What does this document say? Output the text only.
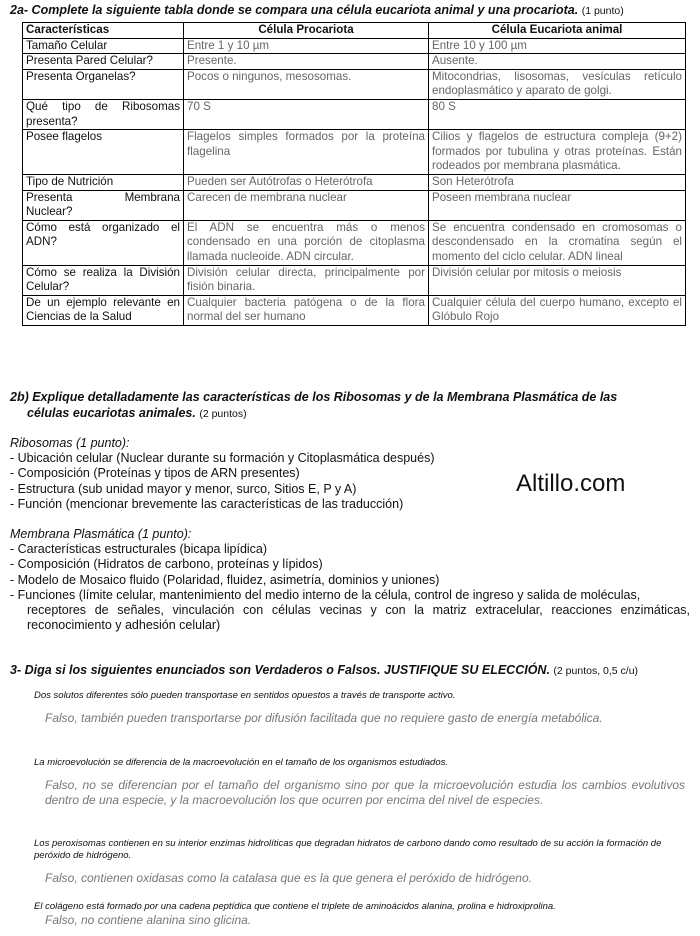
2a- Complete la siguiente tabla donde se compara una célula eucariota animal y una procariota. (1 punto)
Características	Célula Procariota	Célula Eucariota animal
Tamaño Celular	Entre 1 y 10 µm	Entre 10 y 100 µm
Presenta Pared Celular?	Presente.	Ausente.
Presenta Organelas?	Pocos o ningunos, mesosomas.	Mitocondrias, lisosomas, vesículas retículo endoplasmático y aparato de golgi.
Qué tipo de Ribosomas presenta?	70 S	80 S
Posee flagelos	Flagelos simples formados por la proteína flagelina	Cilios y flagelos de estructura compleja (9+2) formados por tubulina y otras proteínas. Están rodeados por membrana plasmática.
Tipo de Nutrición	Pueden ser Autótrofas o Heterótrofa	Son Heterótrofa
Presenta Membrana Nuclear?	Carecen de membrana nuclear	Poseen membrana nuclear
Cómo está organizado el ADN?	El ADN se encuentra más o menos condensado en una porción de citoplasma llamada nucleoide. ADN circular.	Se encuentra condensado en cromosomas o descondensado en la cromatina según el momento del ciclo celular. ADN lineal
Cómo se realiza la División Celular?	División celular directa, principalmente por fisión binaria.	División celular por mitosis o meiosis
De un ejemplo relevante en Ciencias de la Salud	Cualquier bacteria patógena o de la flora normal del ser humano	Cualquier célula del cuerpo humano, excepto el Glóbulo Rojo
2b) Explique detalladamente las características de los Ribosomas y de la Membrana Plasmática de las
células eucariotas animales. (2 puntos)
Ribosomas (1 punto):
- Ubicación celular (Nuclear durante su formación y Citoplasmática después)
- Composición (Proteínas y tipos de ARN presentes)
- Estructura (sub unidad mayor y menor, surco, Sitios E, P y A)
- Función (mencionar brevemente las características de las traducción)
Altillo.com
Membrana Plasmática (1 punto):
- Características estructurales (bicapa lipídica)
- Composición (Hidratos de carbono, proteínas y lípidos)
- Modelo de Mosaico fluido (Polaridad, fluidez, asimetría, dominios y uniones)
- Funciones (límite celular, mantenimiento del medio interno de la célula, control de ingreso y salida de moléculas,
receptores de señales, vinculación con células vecinas y con la matriz extracelular, reacciones enzimáticas, reconocimiento y adhesión celular)
3- Diga si los siguientes enunciados son Verdaderos o Falsos. JUSTIFIQUE SU ELECCIÓN. (2 puntos, 0,5 c/u)
Dos solutos diferentes sólo pueden transportase en sentidos opuestos a través de transporte activo.
Falso, también pueden transportarse por difusión facilitada que no requiere gasto de energía metabólica.
La microevolución se diferencia de la macroevolución en el tamaño de los organismos estudiados.
Falso, no se diferencian por el tamaño del organismo sino por que la microevolución estudia los cambios evolutivos dentro de una especie, y la macroevolución los que ocurren por encima del nivel de especies.
Los peroxisomas contienen en su interior enzimas hidrolíticas que degradan hidratos de carbono dando como resultado de su acción la formación de peróxido de hidrógeno.
Falso, contienen oxidasas como la catalasa que es la que genera el peróxido de hidrógeno.
El colágeno está formado por una cadena peptídica que contiene el triplete de aminoácidos alanina, prolina e hidroxiprolina.
Falso, no contiene alanina sino glicina.
